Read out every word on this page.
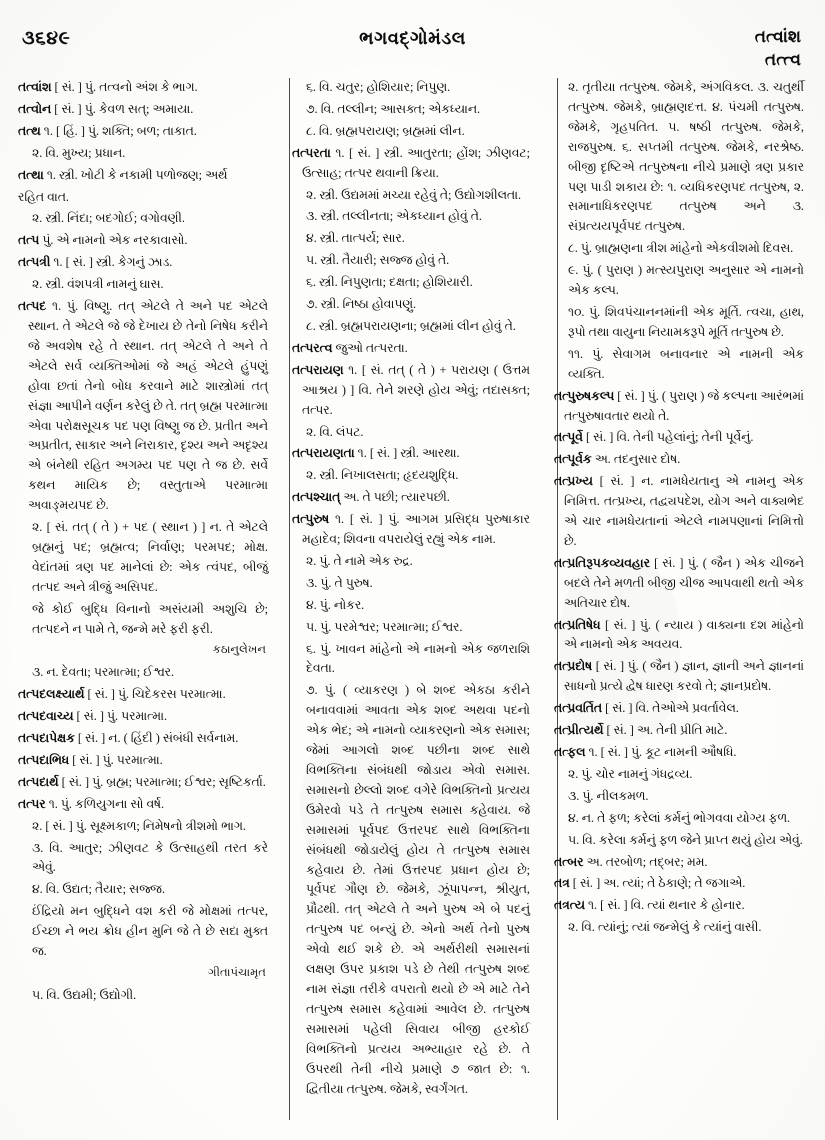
૩૬૪૯	ભગવદ્ગોમંડલ	તત્વાંશ
તત્ત્વ

તત્વાંશ [ સં. ] પું. તત્વનો અંશ કે ભાગ.

તત્વોન [ સં. ] પું. કેવળ સત્; અમાયા.

તત્થ ૧. [ હિં. ] પું. શક્તિ; બળ; તાકાત.

૨. વિ. મુખ્ય; પ્રધાન.

તત્થા ૧. સ્ત્રી. ખોટી કે નકામી પળોજણ; અર્થ

રહિત વાત.

૨. સ્ત્રી. નિંદા; બદગોઈ; વગોવણી.

તત્પ પું. એ નામનો એક નરકાવાસો.

તત્પત્રી ૧. [ સં. ] સ્ત્રી. કેગનું ઝાડ.

૨. સ્ત્રી. વંશપત્રી નામનું ઘાસ.

તત્પદ ૧. પું. વિષ્ણુ. તત્ એટલે તે અને પદ એટલે સ્થાન. તે એટલે જે જે દેખાય છે તેનો નિષેધ કરીને જે અવશેષ રહે તે સ્થાન. તત્ એટલે તે અને તે એટલે સર્વ વ્યક્તિઓમાં જે અહં એટલે હુંપણું હોવા છતાં તેનો બોધ કરવાને માટે શાસ્ત્રોમાં તત્ સંજ્ઞા આપીને વર્ણન કરેલું છે તે. તત્ બ્રહ્મ પરમાત્મા એવા પરોક્ષસૂચક પદ પણ વિષ્ણુ જ છે. પ્રતીત અને અપ્રતીત, સાકાર અને નિરાકાર, દૃશ્ય અને અદૃશ્ય એ બંનેથી રહિત અગમ્ય પદ પણ તે જ છે. સર્વે કથન માયિક છે; વસ્તુતાએ પરમાત્મા અવાઙ્મયપદ છે.

૨. [ સં. તત્ ( તે ) + પદ ( સ્થાન ) ] ન. તે એટલે બ્રહ્મનું પદ; બ્રહ્મત્વ; નિર્વાણ; પરમપદ; મોક્ષ. વેદાંતમાં ત્રણ પદ માનેલાં છે: એક ત્વંપદ, બીજું તત્પદ અને ત્રીજું અસિપદ.

જે કોઈ બુદ્ધિ વિનાનો અસંયમી અશુચિ છે; તત્પદને ન પામે તે, જન્મે મરે ફરી ફરી.

કઠાનુલેખન

૩. ન. દેવતા; પરમાત્મા; ઈશ્વર.

તત્પદલક્ષ્યાર્થ [ સં. ] પું. ચિદેકરસ પરમાત્મા.

તત્પદવાચ્ય [ સં. ] પું. પરમાત્મા.

તત્પદાપેક્ષક [ સં. ] ન. ( હિંદી ) સંબંધી સર્વનામ.

તત્પદાભિધ [ સં. ] પું. પરમાત્મા.

તત્પદાર્થ [ સં. ] પું. બ્રહ્મ; પરમાત્મા; ઈશ્વર; સૃષ્ટિકર્તા.

તત્પર ૧. પું. કળિયુગના સો વર્ષ.

૨. [ સં. ] પું. સૂક્ષ્મકાળ; નિમેષનો ત્રીશમો ભાગ.

૩. વિ. આતુર; ઝીણવટ કે ઉત્સાહથી તરત કરે એવું.

૪. વિ. ઉદ્યત; તૈયાર; સજ્જ.

ઈંદ્રિયો મન બુદ્ધિને વશ કરી જે મોક્ષમાં તત્પર, ઈચ્છા ને ભય ક્રોધ હીન મુનિ જે તે છે સદા મુક્ત જ.

ગીતાપંચામૃત

૫. વિ. ઉદ્યમી; ઉદ્યોગી.

૬. વિ. ચતુર; હોશિયાર; નિપુણ.

૭. વિ. તલ્લીન; આસક્ત; એકધ્યાન.

૮. વિ. બ્રહ્મપરાયણ; બ્રહ્મમાં લીન.

તત્પરતા ૧. [ સં. ] સ્ત્રી. આતુરતા; હોંશ; ઝીણવટ; ઉત્સાહ; તત્પર થવાની ક્રિયા.

૨. સ્ત્રી. ઉદ્યમમાં મચ્યા રહેવું તે; ઉદ્યોગશીલતા.

૩. સ્ત્રી. તલ્લીનતા; એકધ્યાન હોવું તે.

૪. સ્ત્રી. તાત્પર્ય; સાર.

૫. સ્ત્રી. તૈયારી; સજ્જ હોવું તે.

૬. સ્ત્રી. નિપુણતા; દક્ષતા; હોશિયારી.

૭. સ્ત્રી. નિષ્ઠા હોવાપણું.

૮. સ્ત્રી. બ્રહ્મપરાયણના; બ્રહ્મમાં લીન હોવું તે.

તત્પરત્વ જુઓ તત્પરતા.

તત્પરાયણ ૧. [ સં. તત્ ( તે ) + પરાયણ ( ઉત્તમ આશ્રય ) ] વિ. તેને શરણે હોય એવું; તદાસક્ત; તત્પર.

૨. વિ. લંપટ.

તત્પરાયણતા ૧. [ સં. ] સ્ત્રી. આરથા.

૨. સ્ત્રી. નિખાલસતા; હૃદયશુદ્ધિ.

તત્પશ્ચાત્ અ. તે પછી; ત્યારપછી.

તત્પુરુષ ૧. [ સં. ] પું. આગમ પ્રસિદ્ધ પુરુષાકાર મહાદેવ; શિવના વપરાયેલું રહ્યું એક નામ.

૨. પું. તે નામે એક રુદ્ર.

૩. પું. તે પુરુષ.

૪. પું. નોકર.

૫. પું. પરમેશ્વર; પરમાત્મા; ઈશ્વર.

૬. પું. ખાવન માંહેનો એ નામનો એક જળરાશિ દેવતા.

૭. પું. ( વ્યાકરણ ) બે શબ્દ એકઠા કરીને બનાવવામાં આવતા એક શબ્દ અથવા પદનો એક ભેદ; એ નામનો વ્યાકરણનો એક સમાસ; જેમાં આગલો શબ્દ પછીના શબ્દ સાથે વિભક્તિના સંબંધથી જોડાય એવો સમાસ. સમાસનો છેલ્લો શબ્દ વગેરે વિભક્તિનો પ્રત્યય ઉમેરવો પડે તે તત્પુરુષ સમાસ કહેવાય. જે સમાસમાં પૂર્વપદ ઉત્તરપદ સાથે વિભક્તિના સંબંધથી જોડાયેલું હોય તે તત્પુરુષ સમાસ કહેવાય છે. તેમાં ઉત્તરપદ પ્રધાન હોય છે; પૂર્વપદ ગૌણ છે. જેમકે, ઝૂંપાપન્ન, શ્રીયુત, પ્રૌઢથી. તત્ એટલે તે અને પુરુષ એ બે પદનું તત્પુરુષ પદ બન્યું છે. એનો અર્થ તેનો પુરુષ એવો થઈ શકે છે. એ અર્થરીથી સમાસનાં લક્ષણ ઉપર પ્રકાશ પડે છે તેથી તત્પુરુષ શબ્દ નામ સંજ્ઞા તરીકે વપરાતો થયો છે એ માટે તેને તત્પુરુષ સમાસ કહેવામાં આવેલ છે. તત્પુરુષ સમાસમાં પહેલી સિવાય બીજી હરકોઈ વિભક્તિનો પ્રત્યય અભ્યાહાર રહે છે. તે ઉપરથી તેની નીચે પ્રમાણે ૭ જાત છે: ૧. દ્વિતીયા તત્પુરુષ. જેમકે, સ્વર્ગંગત.

૨. તૃતીયા તત્પુરુષ. જેમકે, અંગવિકલ. ૩. ચતુર્થી તત્પુરુષ. જેમકે, બ્રાહ્મણદત્ત. ૪. પંચમી તત્પુરુષ. જેમકે, ગૃહપતિત. ૫. ષષ્ઠી તત્પુરુષ. જેમકે, રાજપુરુષ. ૬. સપ્તમી તત્પુરુષ. જેમકે, નરશ્રેષ્ઠ. બીજી દૃષ્ટિએ તત્પુરુષના નીચે પ્રમાણે ત્રણ પ્રકાર પણ પાડી શકાય છે: ૧. વ્યધિકરણપદ તત્પુરુષ, ૨. સમાનાધિકરણપદ તત્પુરુષ અને ૩. સંપ્રત્યયપૂર્વપદ તત્પુરુષ.

૮. પું. બ્રાહ્મણના ત્રીશ માંહેનો એકવીશમો દિવસ.

૯. પું. ( પુરાણ ) મત્સ્યપુરાણ અનુસાર એ નામનો એક કલ્પ.

૧૦. પું. શિવપંચાનનમાંની એક મૂર્તિ. ત્વચા, હાથ, રૂપો તથા વાયુના નિયામકરૂપે મૂર્તિ તત્પુરુષ છે.

૧૧. પું. સેવાગમ બનાવનાર એ નામની એક વ્યક્તિ.

તત્પુરુષકલ્પ [ સં. ] પું. ( પુરાણ ) જે કલ્પના આરંભમાં તત્પુરુષાવતાર થયો તે.

તત્પૂર્વે [ સં. ] વિ. તેની પહેલાંનું; તેની પૂર્વેનું.

તત્પૂર્વક અ. તદનુસાર દોષ.

તત્પ્રખ્ય [ સં. ] ન. નામધેયતાનુ એ નામનુ એક નિમિત્ત. તત્પ્રખ્ય, તદ્વ્યપદેશ, યોગ અને વાક્યભેદ એ ચાર નામધેયતાનાં એટલે નામપણાનાં નિમિત્તો છે.

તત્પ્રતિરૂપકવ્યવહાર [ સં. ] પું. ( જૈન ) એક ચીજને બદલે તેને મળતી બીજી ચીજ આપવાથી થતો એક અતિચાર દોષ.

તત્પ્રતિષેધ [ સં. ] પું. ( ન્યાય ) વાક્યના દશ માંહેનો એ નામનો એક અવયવ.

તત્પ્રદોષ [ સં. ] પું. ( જૈન ) જ્ઞાન, જ્ઞાની અને જ્ઞાનનાં સાધનો પ્રત્યે દ્વેષ ધારણ કરવો તે; જ્ઞાનપ્રદોષ.

તત્પ્રવર્તિત [ સં. ] વિ. તેઓએ પ્રવર્તાવેલ.

તત્પ્રીત્યર્થે [ સં. ] અ. તેની પ્રીતિ માટે.

તત્ફલ ૧. [ સં. ] પું. કૂટ નામની ઔષધિ.

૨. પું. ચોર નામનું ગંધદ્રવ્ય.

૩. પું. નીલકમળ.

૪. ન. તે ફળ; કરેલાં કર્મનું ભોગવવા યોગ્ય ફળ.

૫. વિ. કરેલા કર્મનું ફળ જેને પ્રાપ્ત થયું હોય એવું.

તત્બર અ. તરબોળ; તદ્બર; મમ.

તત્ર [ સં. ] અ. ત્યાં; તે ઠેકાણે; તે જગાએ.

તત્રત્ય ૧. [ સં. ] વિ. ત્યાં થનાર કે હોનાર.

૨. વિ. ત્યાંનું; ત્યાં જન્મેલું કે ત્યાંનું વાસી.
